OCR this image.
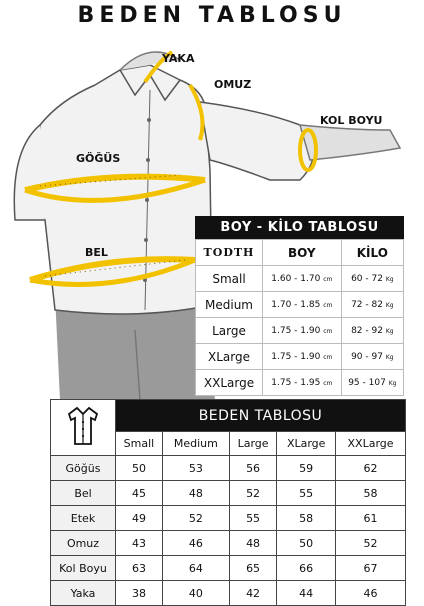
BEDEN TABLOSU
YAKA
OMUZ
KOL BOYU
GÖĞÜS
BEL
BOY - KİLO TABLOSU
TODTH	BOY	KİLO
Small	1.60 - 1.70 cm	60 - 72 Kg
Medium	1.70 - 1.85 cm	72 - 82 Kg
Large	1.75 - 1.90 cm	82 - 92 Kg
XLarge	1.75 - 1.90 cm	90 - 97 Kg
XXLarge	1.75 - 1.95 cm	95 - 107 Kg
	BEDEN TABLOSU				
	Small	Medium	Large	XLarge	XXLarge
Göğüs	50	53	56	59	62
Bel	45	48	52	55	58
Etek	49	52	55	58	61
Omuz	43	46	48	50	52
Kol Boyu	63	64	65	66	67
Yaka	38	40	42	44	46
